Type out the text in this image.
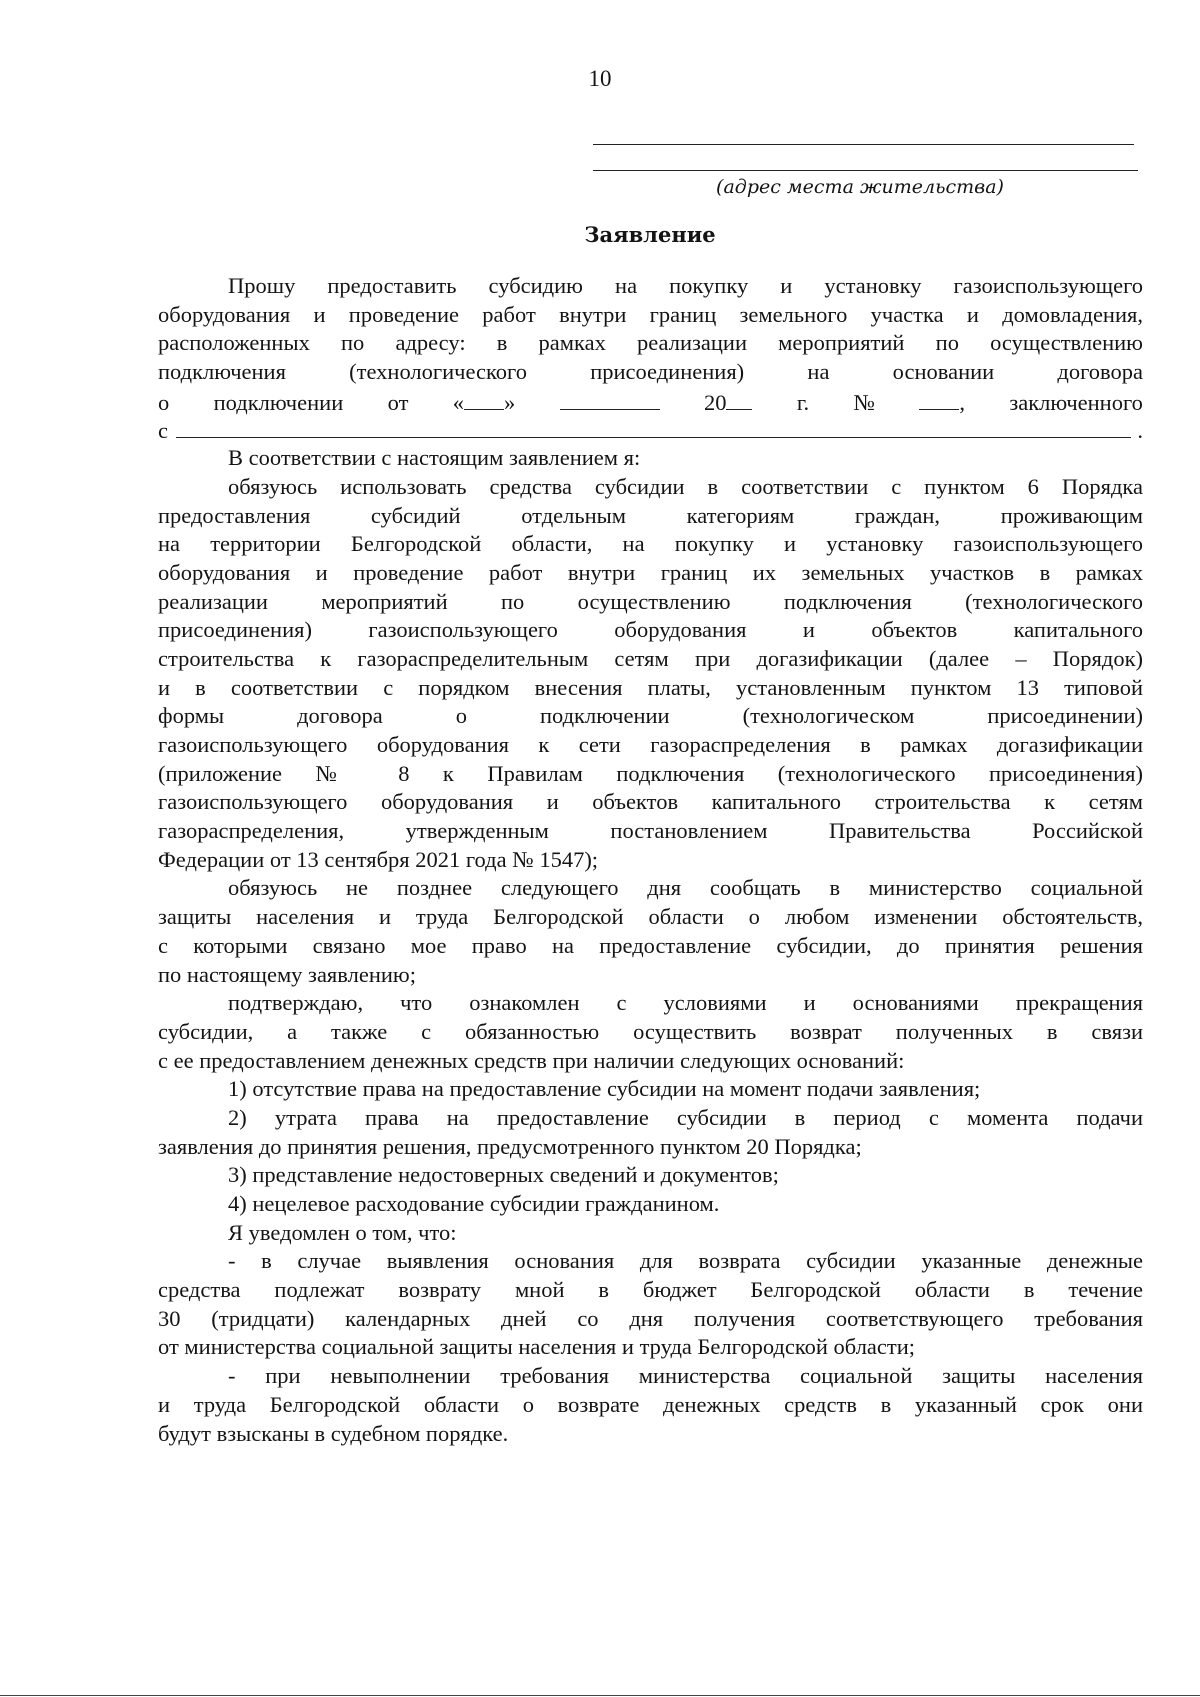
10
(адрес места жительства)
Заявление
Прошу предоставить субсидию на покупку и установку газоиспользующего
оборудования и проведение работ внутри границ земельного участка и домовладения,
расположенных по адресу: в рамках реализации мероприятий по осуществлению
подключения (технологического присоединения) на основании договора
о подключении от « »	20	г. №	, заключенного
с	.
В соответствии с настоящим заявлением я:
обязуюсь использовать средства субсидии в соответствии с пунктом 6 Порядка
предоставления субсидий отдельным категориям граждан, проживающим
на территории Белгородской области, на покупку и установку газоиспользующего
оборудования и проведение работ внутри границ их земельных участков в рамках
реализации мероприятий по осуществлению подключения (технологического
присоединения) газоиспользующего оборудования и объектов капитального
строительства к газораспределительным сетям при догазификации (далее – Порядок)
и в соответствии с порядком внесения платы, установленным пунктом 13 типовой
формы договора о подключении (технологическом присоединении)
газоиспользующего оборудования к сети газораспределения в рамках догазификации
(приложение № 8 к Правилам подключения (технологического присоединения)
газоиспользующего оборудования и объектов капитального строительства к сетям
газораспределения, утвержденным постановлением Правительства Российской
Федерации от 13 сентября 2021 года № 1547);
обязуюсь не позднее следующего дня сообщать в министерство социальной
защиты населения и труда Белгородской области о любом изменении обстоятельств,
с которыми связано мое право на предоставление субсидии, до принятия решения
по настоящему заявлению;
подтверждаю, что ознакомлен с условиями и основаниями прекращения
субсидии, а также с обязанностью осуществить возврат полученных в связи
с ее предоставлением денежных средств при наличии следующих оснований:
1) отсутствие права на предоставление субсидии на момент подачи заявления;
2) утрата права на предоставление субсидии в период с момента подачи
заявления до принятия решения, предусмотренного пунктом 20 Порядка;
3) представление недостоверных сведений и документов;
4) нецелевое расходование субсидии гражданином.
Я уведомлен о том, что:
- в случае выявления основания для возврата субсидии указанные денежные
средства подлежат возврату мной в бюджет Белгородской области в течение
30 (тридцати) календарных дней со дня получения соответствующего требования
от министерства социальной защиты населения и труда Белгородской области;
- при невыполнении требования министерства социальной защиты населения
и труда Белгородской области о возврате денежных средств в указанный срок они
будут взысканы в судебном порядке.
